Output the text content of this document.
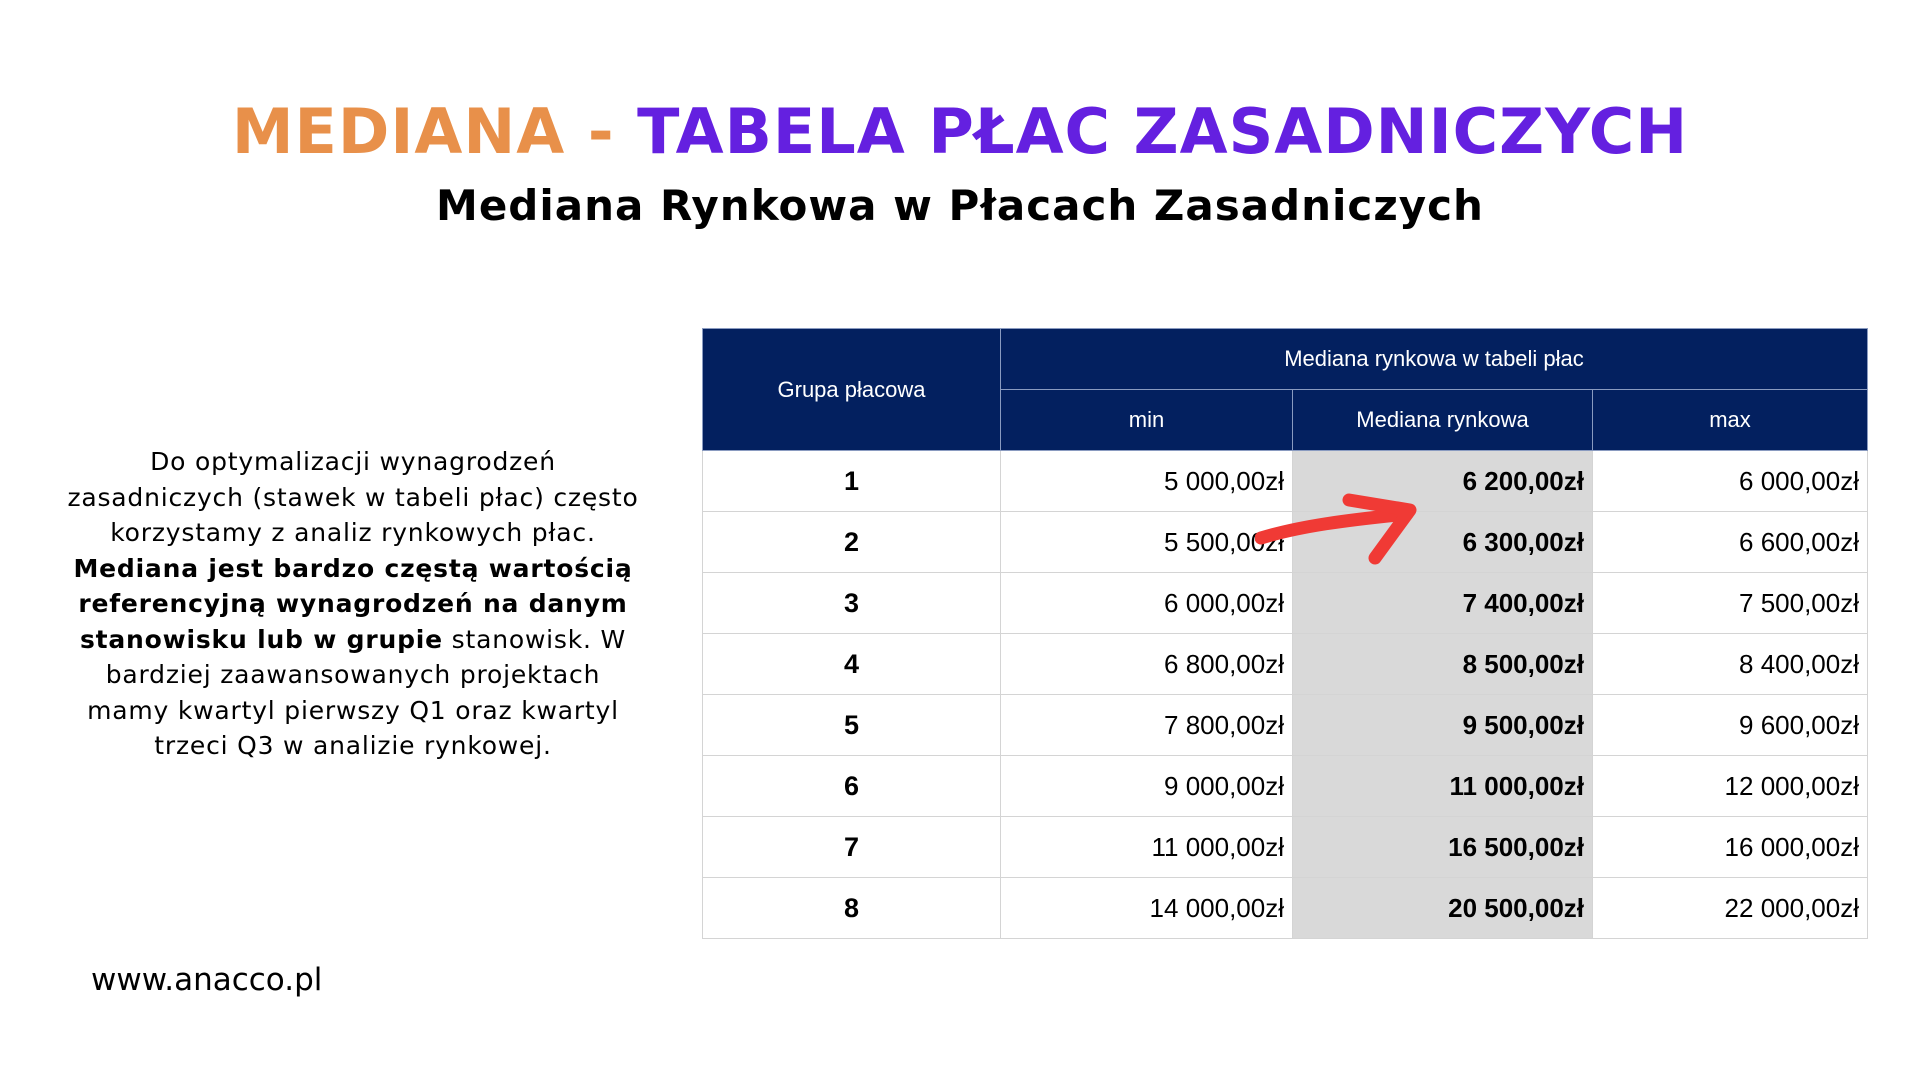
MEDIANA - TABELA PŁAC ZASADNICZYCH
Mediana Rynkowa w Płacach Zasadniczych

Do optymalizacji wynagrodzeń zasadniczych (stawek w tabeli płac) często korzystamy z analiz rynkowych płac. Mediana jest bardzo częstą wartością referencyjną wynagrodzeń na danym stanowisku lub w grupie stanowisk. W bardziej zaawansowanych projektach mamy kwartyl pierwszy Q1 oraz kwartyl trzeci Q3 w analizie rynkowej.

www.anacco.pl

Grupa płacowa	Mediana rynkowa w tabeli płac		
	min	Mediana rynkowa	max
1	5 000,00zł	6 200,00zł	6 000,00zł
2	5 500,00zł	6 300,00zł	6 600,00zł
3	6 000,00zł	7 400,00zł	7 500,00zł
4	6 800,00zł	8 500,00zł	8 400,00zł
5	7 800,00zł	9 500,00zł	9 600,00zł
6	9 000,00zł	11 000,00zł	12 000,00zł
7	11 000,00zł	16 500,00zł	16 000,00zł
8	14 000,00zł	20 500,00zł	22 000,00zł
